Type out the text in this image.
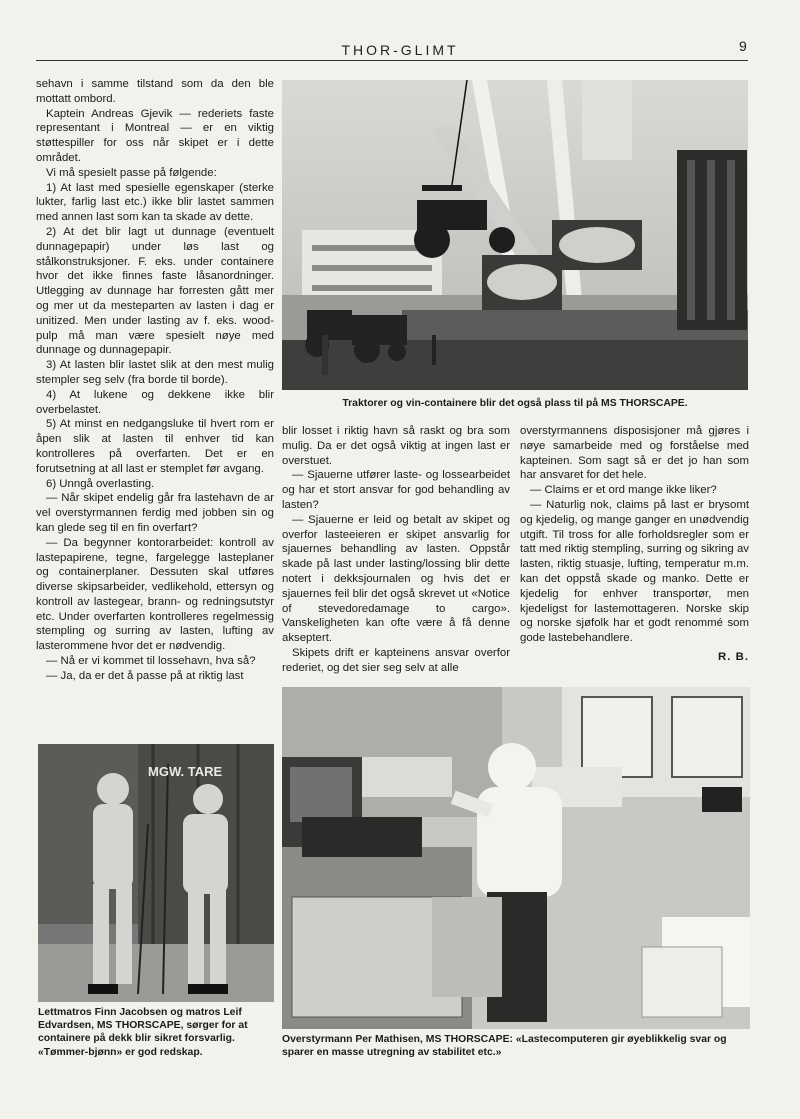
THOR-GLIMT	9

sehavn i samme tilstand som da den ble mottatt ombord.

Kaptein Andreas Gjevik — rederiets faste representant i Montreal — er en viktig støttespiller for oss når skipet er i dette området.

Vi må spesielt passe på følgende:

1) At last med spesielle egenskaper (sterke lukter, farlig last etc.) ikke blir lastet sammen med annen last som kan ta skade av dette.

2) At det blir lagt ut dunnage (eventuelt dunnagepapir) under løs last og stålkonstruksjoner. F. eks. under containere hvor det ikke finnes faste låsanordninger. Utlegging av dunnage har forresten gått mer og mer ut da mesteparten av lasten i dag er unitized. Men under lasting av f. eks. wood-pulp må man være spesielt nøye med dunnage og dunnagepapir.

3) At lasten blir lastet slik at den mest mulig stempler seg selv (fra borde til borde).

4) At lukene og dekkene ikke blir overbelastet.

5) At minst en nedgangsluke til hvert rom er åpen slik at lasten til enhver tid kan kontrolleres på overfarten. Det er en forutsetning at all last er stemplet før avgang.

6) Unngå overlasting.

— Når skipet endelig går fra lastehavn de ar vel overstyrmannen ferdig med jobben sin og kan glede seg til en fin overfart?

— Da begynner kontorarbeidet: kontroll av lastepapirene, tegne, fargelegge lasteplaner og containerplaner. Dessuten skal utføres diverse skipsarbeider, vedlikehold, ettersyn og kontroll av lastegear, brann- og redningsutstyr etc. Under overfarten kontrolleres regelmessig stempling og surring av lasten, lufting av lasterommene hvor det er nødvendig.

— Nå er vi kommet til lossehavn, hva så?

— Ja, da er det å passe på at riktig last

blir losset i riktig havn så raskt og bra som mulig. Da er det også viktig at ingen last er overstuet.

— Sjauerne utfører laste- og lossearbeidet og har et stort ansvar for god behandling av lasten?

— Sjauerne er leid og betalt av skipet og overfor lasteeieren er skipet ansvarlig for sjauernes behandling av lasten. Oppstår skade på last under lasting/lossing blir dette notert i dekksjournalen og hvis det er sjauernes feil blir det også skrevet ut «Notice of stevedoredamage to cargo». Vanskeligheten kan ofte være å få denne akseptert.

Skipets drift er kapteinens ansvar overfor rederiet, og det sier seg selv at alle

overstyrmannens disposisjoner må gjøres i nøye samarbeide med og forståelse med kapteinen. Som sagt så er det jo han som har ansvaret for det hele.

— Claims er et ord mange ikke liker?

— Naturlig nok, claims på last er brysomt og kjedelig, og mange ganger en unødvendig utgift. Til tross for alle forholdsregler som er tatt med riktig stempling, surring og sikring av lasten, riktig stuasje, lufting, temperatur m.m. kan det oppstå skade og manko. Dette er kjedelig for enhver transportør, men kjedeligst for lastemottageren. Norske skip og norske sjøfolk har et godt renommé som gode lastebehandlere.

R. B.

Traktorer og vin-containere blir det også plass til på MS THORSCAPE.
MGW. TARE
Lettmatros Finn Jacobsen og matros Leif Edvardsen, MS THORSCAPE, sørger for at containere på dekk blir sikret forsvarlig. «Tømmer-bjønn» er god redskap.
Overstyrmann Per Mathisen, MS THORSCAPE: «Lastecomputeren gir øyeblikkelig svar og sparer en masse utregning av stabilitet etc.»
